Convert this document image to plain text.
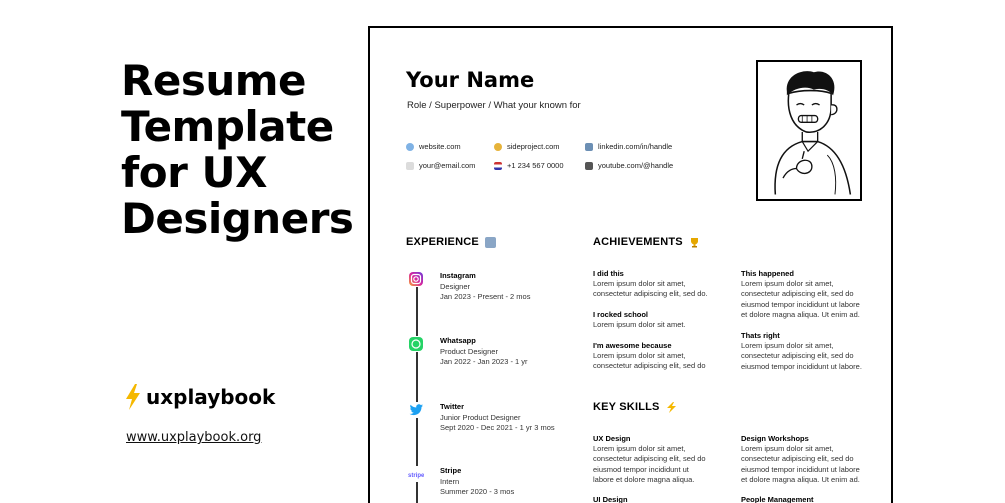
Resume
Template
for UX
Designers
uxplaybook
www.uxplaybook.org
Your Name
Role / Superpower / What your known for
website.com	sideproject.com	linkedin.com/in/handle
your@email.com	+1 234 567 0000	youtube.com/@handle
EXPERIENCE
Instagram
Designer
Jan 2023 - Present - 2 mos
Whatsapp
Product Designer
Jan 2022 - Jan 2023 - 1 yr
Twitter
Junior Product Designer
Sept 2020 - Dec 2021 - 1 yr 3 mos
stripe
Stripe
Intern
Summer 2020 - 3 mos
ACHIEVEMENTS
I did this
Lorem ipsum dolor sit amet,
consectetur adipiscing elit, sed do.
I rocked school
Lorem ipsum dolor sit amet.
I'm awesome because
Lorem ipsum dolor sit amet,
consectetur adipiscing elit, sed do
This happened
Lorem ipsum dolor sit amet,
consectetur adipiscing elit, sed do
eiusmod tempor incididunt ut labore
et dolore magna aliqua. Ut enim ad.
Thats right
Lorem ipsum dolor sit amet,
consectetur adipiscing elit, sed do
eiusmod tempor incididunt ut labore.
KEY SKILLS
UX Design
Lorem ipsum dolor sit amet,
consectetur adipiscing elit, sed do
eiusmod tempor incididunt ut
labore et dolore magna aliqua.
Design Workshops
Lorem ipsum dolor sit amet,
consectetur adipiscing elit, sed do
eiusmod tempor incididunt ut labore
et dolore magna aliqua. Ut enim ad.
UI Design	People Management
